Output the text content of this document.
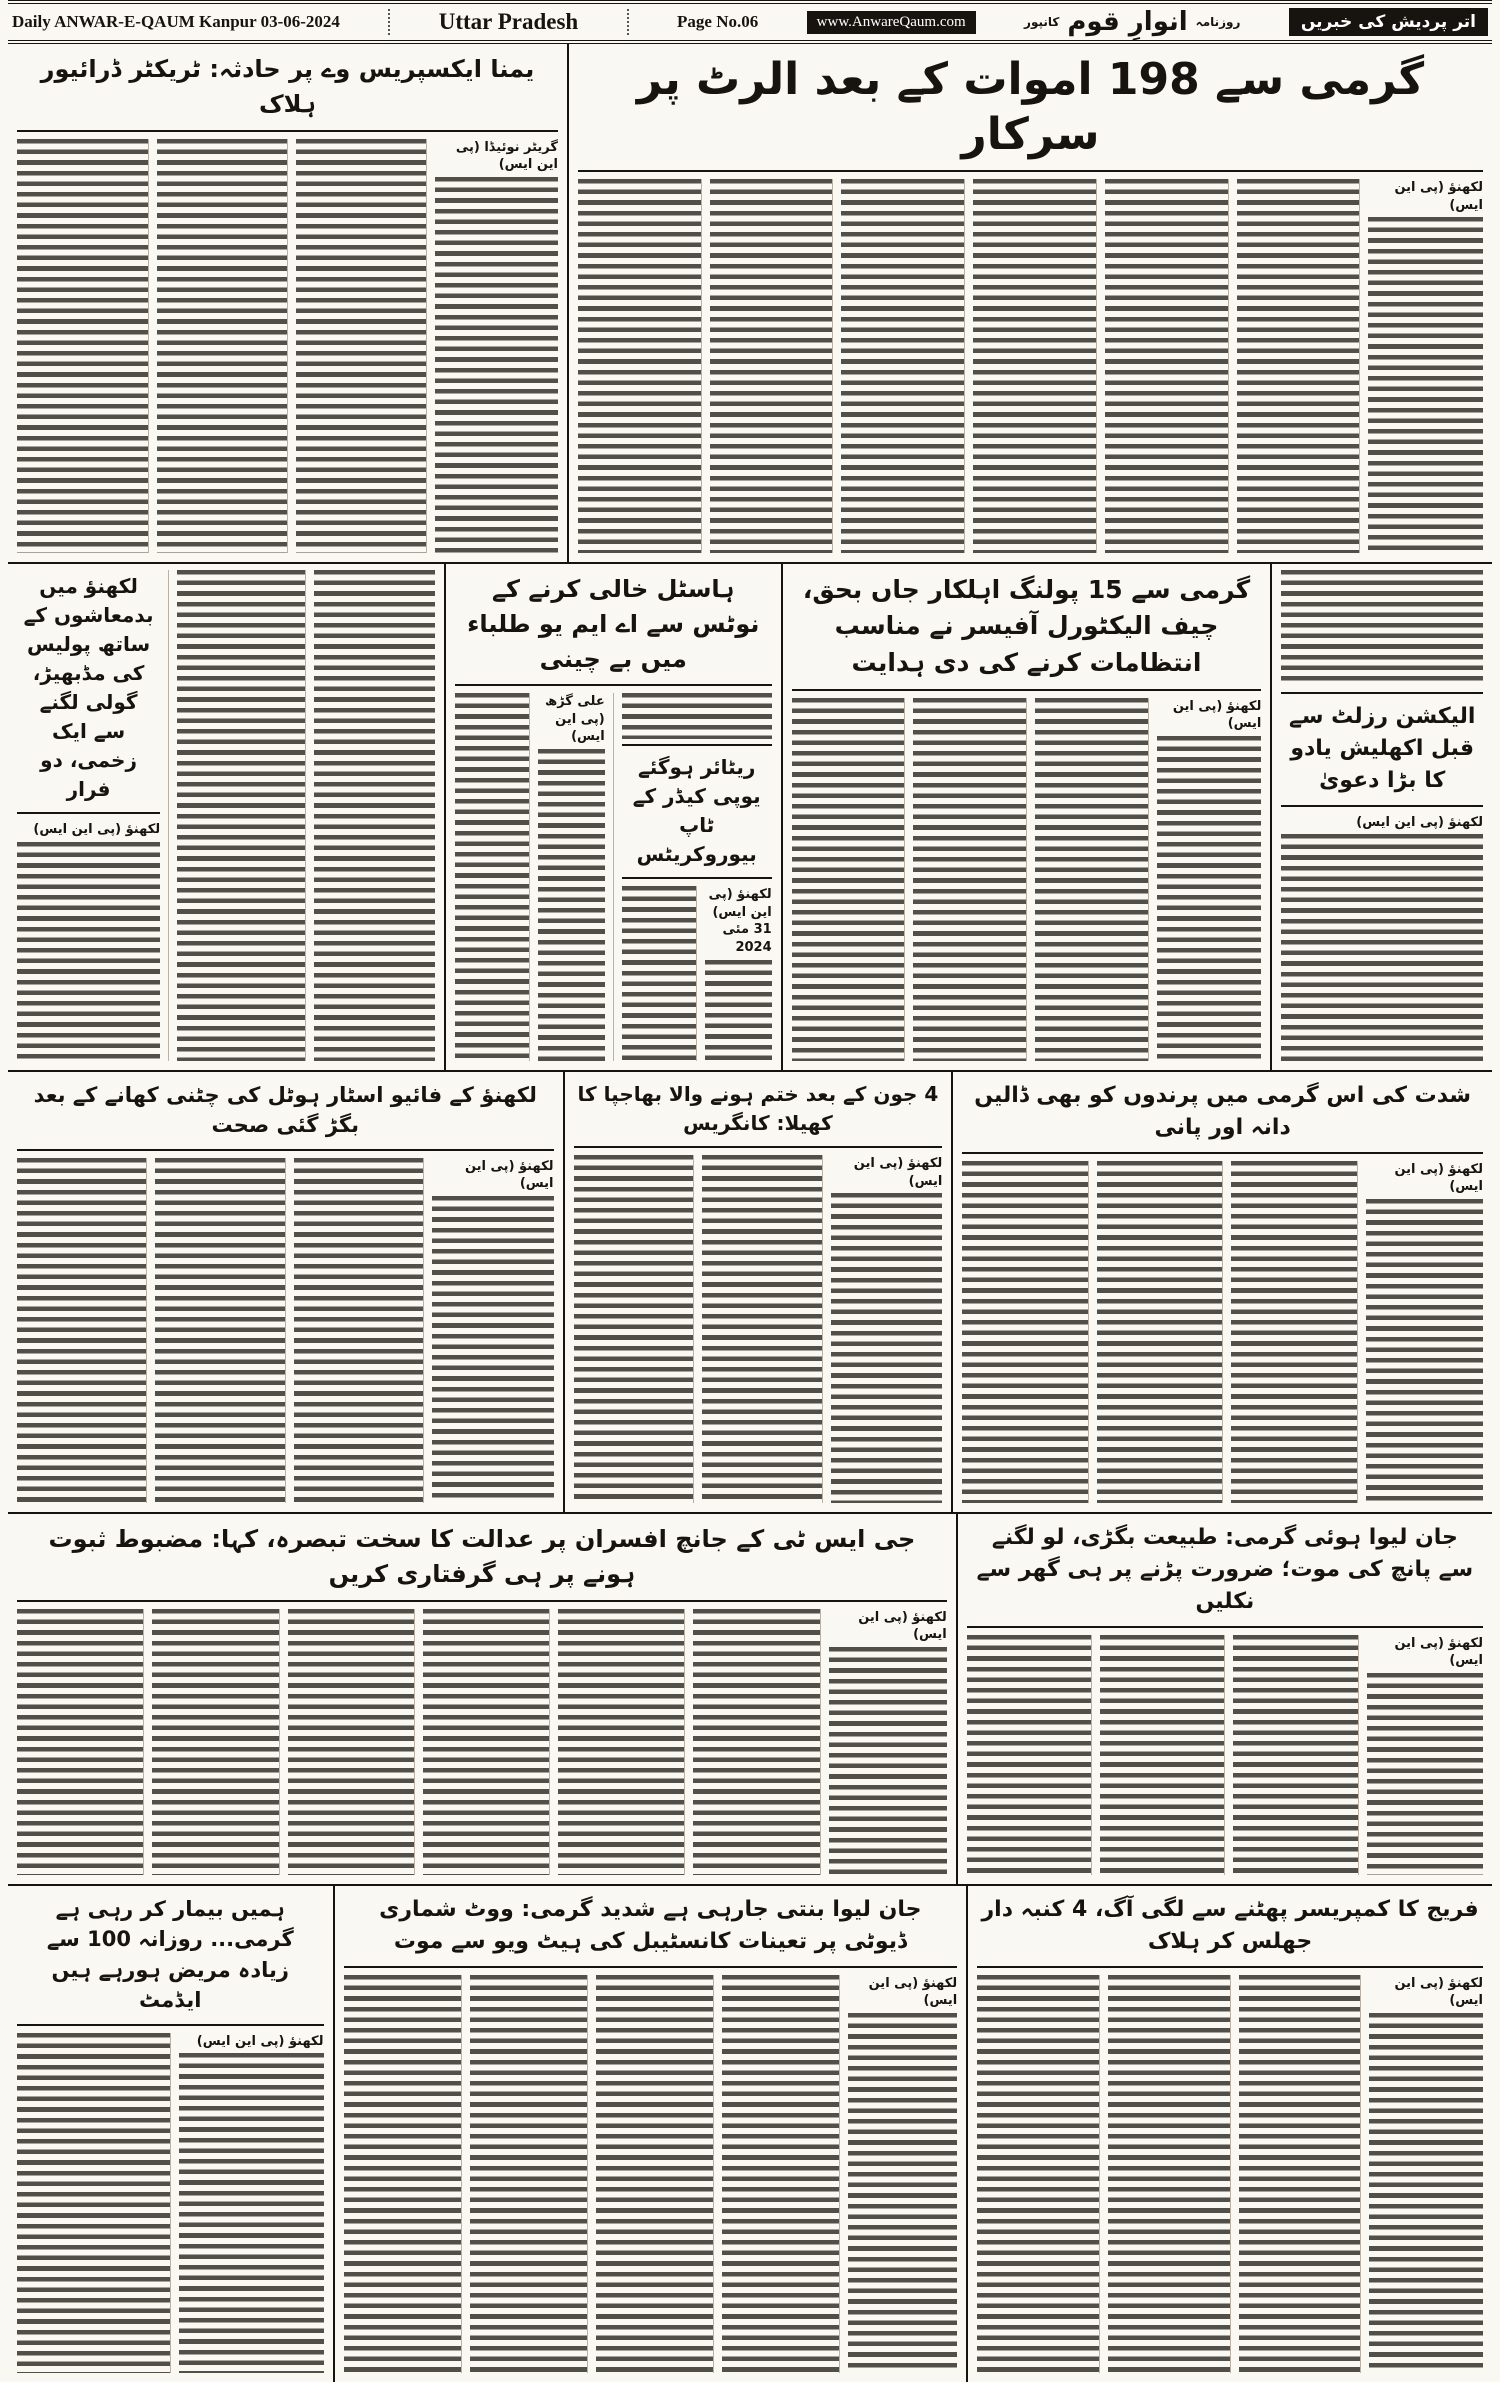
اتر پردیش کی خبریں
روزنامہ
انوارِ قوم
کانپور
www.AnwareQaum.com
Page No.06
Uttar Pradesh
Daily ANWAR-E-QAUM Kanpur 03-06-2024
گرمی سے 198 اموات کے بعد الرٹ پر سرکار
لکھنؤ (پی این ایس)
یمنا ایکسپریس وے پر حادثہ: ٹریکٹر ڈرائیور ہلاک
گریٹر نوئیڈا (پی این ایس)
الیکشن رزلٹ سے قبل اکھلیش یادو کا بڑا دعویٰ
لکھنؤ (پی این ایس)
گرمی سے 15 پولنگ اہلکار جاں بحق، چیف الیکٹورل آفیسر نے مناسب انتظامات کرنے کی دی ہدایت
لکھنؤ (پی این ایس)
ہاسٹل خالی کرنے کے نوٹس سے اے ایم یو طلباء میں بے چینی
ریٹائر ہوگئے یوپی کیڈر کے ٹاپ بیوروکریٹس
لکھنؤ (پی این ایس) 31 مئی 2024
علی گڑھ (پی این ایس)
لکھنؤ میں بدمعاشوں کے ساتھ پولیس کی مڈبھیڑ، گولی لگنے سے ایک زخمی، دو فرار
لکھنؤ (پی این ایس)
شدت کی اس گرمی میں پرندوں کو بھی ڈالیں دانہ اور پانی
لکھنؤ (پی این ایس)
4 جون کے بعد ختم ہونے والا بھاجپا کا کھیلا: کانگریس
لکھنؤ (پی این ایس)
لکھنؤ کے فائیو اسٹار ہوٹل کی چٹنی کھانے کے بعد بگڑ گئی صحت
لکھنؤ (پی این ایس)
جان لیوا ہوئی گرمی: طبیعت بگڑی، لو لگنے سے پانچ کی موت؛ ضرورت پڑنے پر ہی گھر سے نکلیں
لکھنؤ (پی این ایس)
جی ایس ٹی کے جانچ افسران پر عدالت کا سخت تبصرہ، کہا: مضبوط ثبوت ہونے پر ہی گرفتاری کریں
لکھنؤ (پی این ایس)
فریج کا کمپریسر پھٹنے سے لگی آگ، 4 کنبہ دار جھلس کر ہلاک
لکھنؤ (پی این ایس)
جان لیوا بنتی جارہی ہے شدید گرمی: ووٹ شماری ڈیوٹی پر تعینات کانسٹیبل کی ہیٹ ویو سے موت
لکھنؤ (پی این ایس)
ہمیں بیمار کر رہی ہے گرمی... روزانہ 100 سے زیادہ مریض ہورہے ہیں ایڈمٹ
لکھنؤ (پی این ایس)
